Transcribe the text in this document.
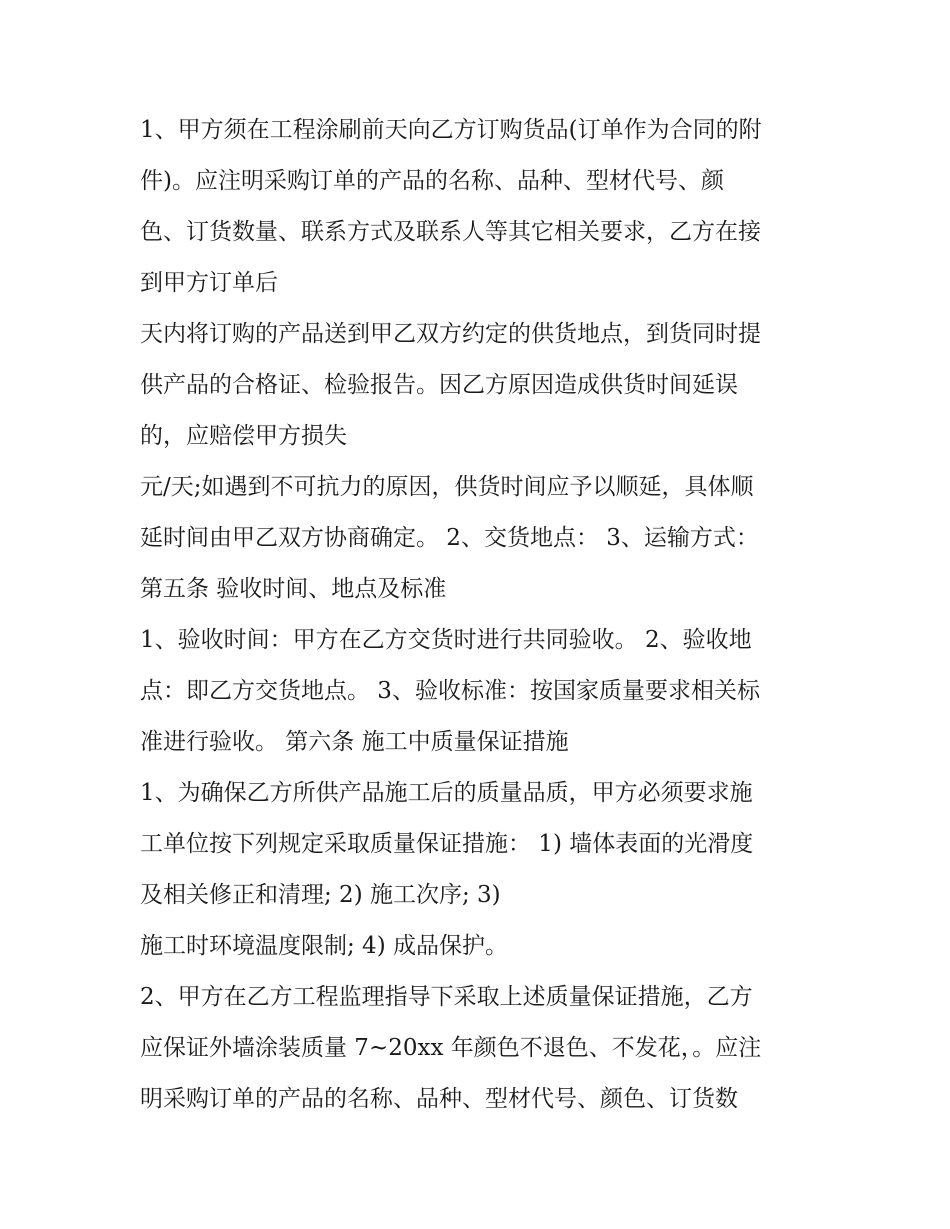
1、甲方须在工程涂刷前天向乙方订购货品(订单作为合同的附
件)。应注明采购订单的产品的名称、品种、型材代号、颜
色、订货数量、联系方式及联系人等其它相关要求，乙方在接
到甲方订单后
天内将订购的产品送到甲乙双方约定的供货地点，到货同时提
供产品的合格证、检验报告。因乙方原因造成供货时间延误
的，应赔偿甲方损失
元/天;如遇到不可抗力的原因，供货时间应予以顺延，具体顺
延时间由甲乙双方协商确定。 2、交货地点： 3、运输方式：
第五条 验收时间、地点及标准
1、验收时间：甲方在乙方交货时进行共同验收。 2、验收地
点：即乙方交货地点。 3、验收标准：按国家质量要求相关标
准进行验收。 第六条 施工中质量保证措施
1、为确保乙方所供产品施工后的质量品质，甲方必须要求施
工单位按下列规定采取质量保证措施： 1) 墙体表面的光滑度
及相关修正和清理; 2) 施工次序; 3)
施工时环境温度限制; 4) 成品保护。
2、甲方在乙方工程监理指导下采取上述质量保证措施，乙方
应保证外墙涂装质量 7~20xx 年颜色不退色、不发花，。应注
明采购订单的产品的名称、品种、型材代号、颜色、订货数
